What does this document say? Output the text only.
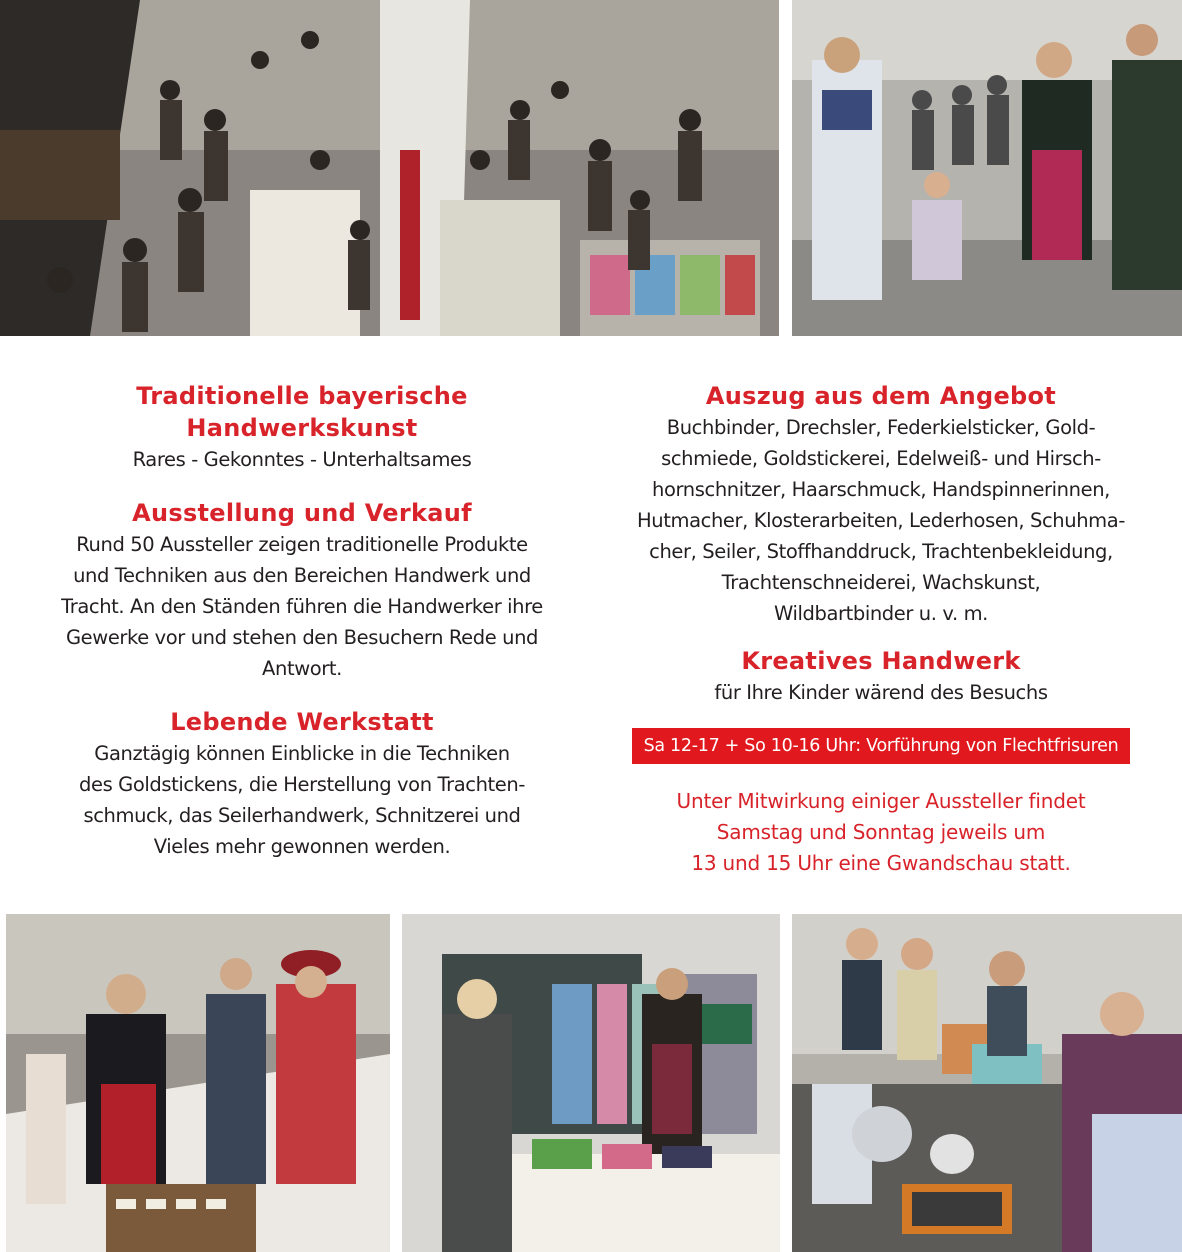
Traditionelle bayerische
Handwerkskunst

Rares - Gekonntes - Unterhaltsames

Ausstellung und Verkauf

Rund 50 Aussteller zeigen traditionelle Produkte
und Techniken aus den Bereichen Handwerk und
Tracht. An den Ständen führen die Handwerker ihre
Gewerke vor und stehen den Besuchern Rede und
Antwort.

Lebende Werkstatt

Ganztägig können Einblicke in die Techniken
des Goldstickens, die Herstellung von Trachten-
schmuck, das Seilerhandwerk, Schnitzerei und
Vieles mehr gewonnen werden.

Auszug aus dem Angebot

Buchbinder, Drechsler, Federkielsticker, Gold-
schmiede, Goldstickerei, Edelweiß- und Hirsch-
hornschnitzer, Haarschmuck, Handspinnerinnen,
Hutmacher, Klosterarbeiten, Lederhosen, Schuhma-
cher, Seiler, Stoffhanddruck, Trachtenbekleidung,
Trachtenschneiderei, Wachskunst,
Wildbartbinder u. v. m.

Kreatives Handwerk

für Ihre Kinder wärend des Besuchs

Sa 12-17 + So 10-16 Uhr: Vorführung von Flechtfrisuren

Unter Mitwirkung einiger Aussteller findet
Samstag und Sonntag jeweils um
13 und 15 Uhr eine Gwandschau statt.
